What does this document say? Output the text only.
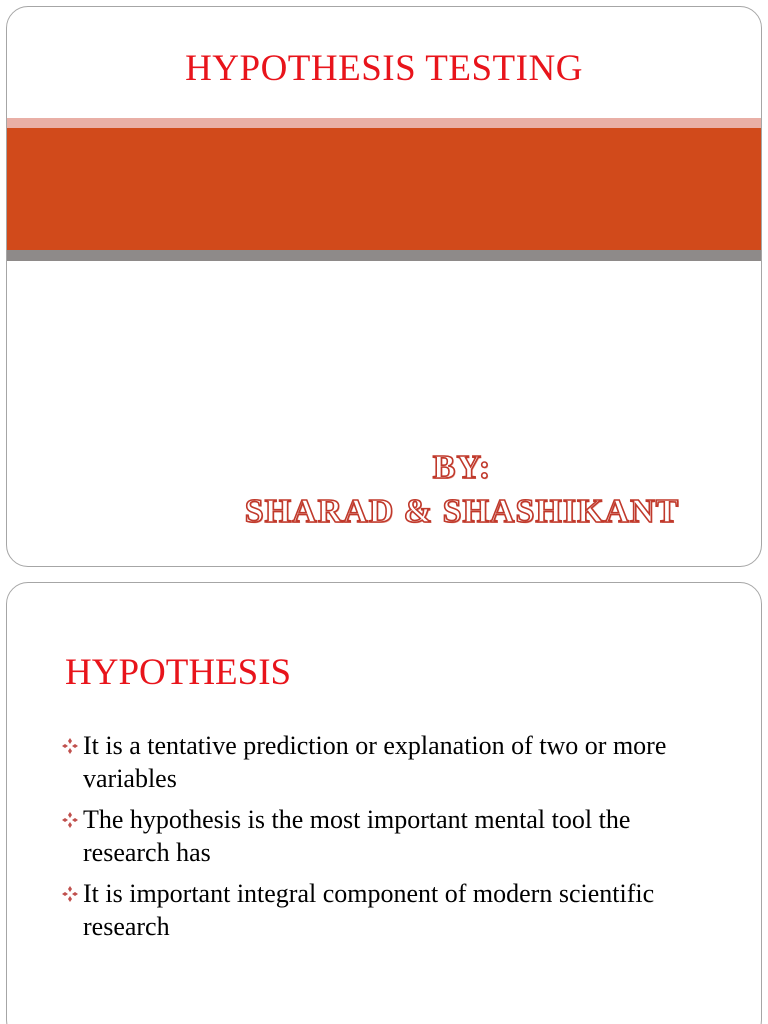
HYPOTHESIS TESTING
BY:
SHARAD & SHASHIKANT
HYPOTHESIS
It is a tentative prediction or explanation of two or more variables
The hypothesis is the most important mental tool the research has
It is important integral component of modern scientific research
